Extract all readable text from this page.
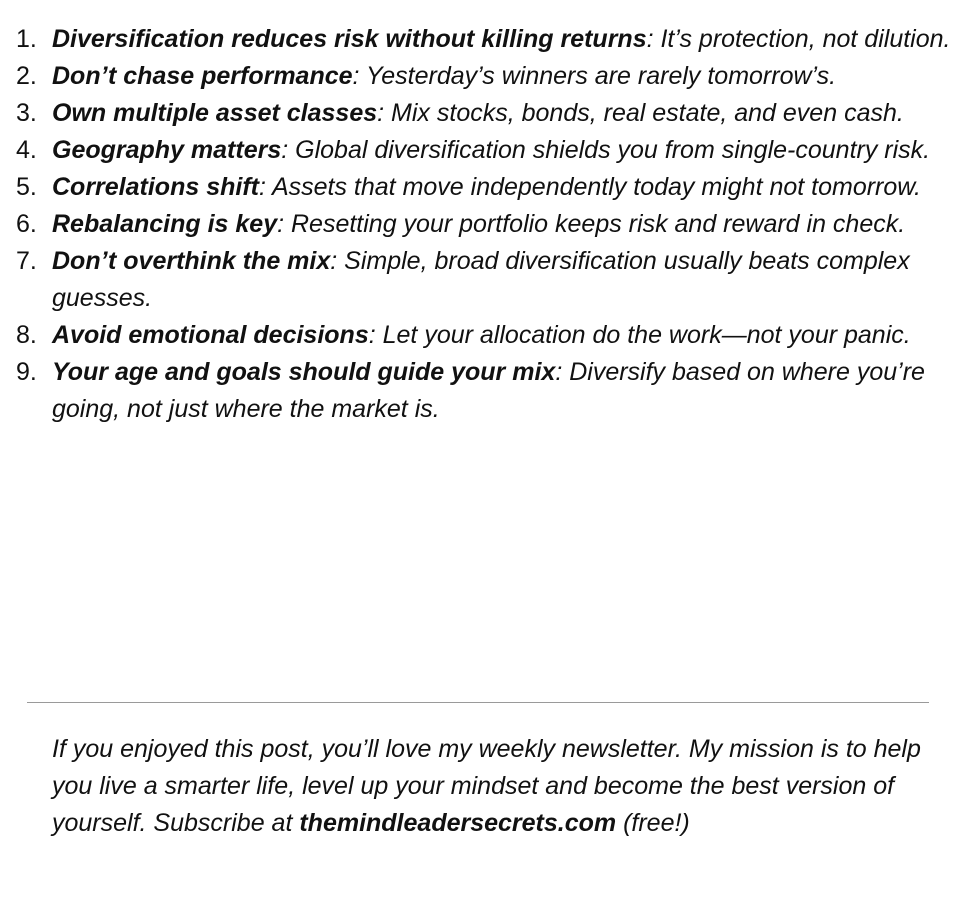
1. Diversification reduces risk without killing returns: It’s protection, not dilution.
2. Don’t chase performance: Yesterday’s winners are rarely tomorrow’s.
3. Own multiple asset classes: Mix stocks, bonds, real estate, and even cash.
4. Geography matters: Global diversification shields you from single-country risk.
5. Correlations shift: Assets that move independently today might not tomorrow.
6. Rebalancing is key: Resetting your portfolio keeps risk and reward in check.
7. Don’t overthink the mix: Simple, broad diversification usually beats complex guesses.
8. Avoid emotional decisions: Let your allocation do the work—not your panic.
9. Your age and goals should guide your mix: Diversify based on where you’re going, not just where the market is.

If you enjoyed this post, you’ll love my weekly newsletter. My mission is to help you live a smarter life, level up your mindset and become the best version of yourself. Subscribe at themindleadersecrets.com (free!)
